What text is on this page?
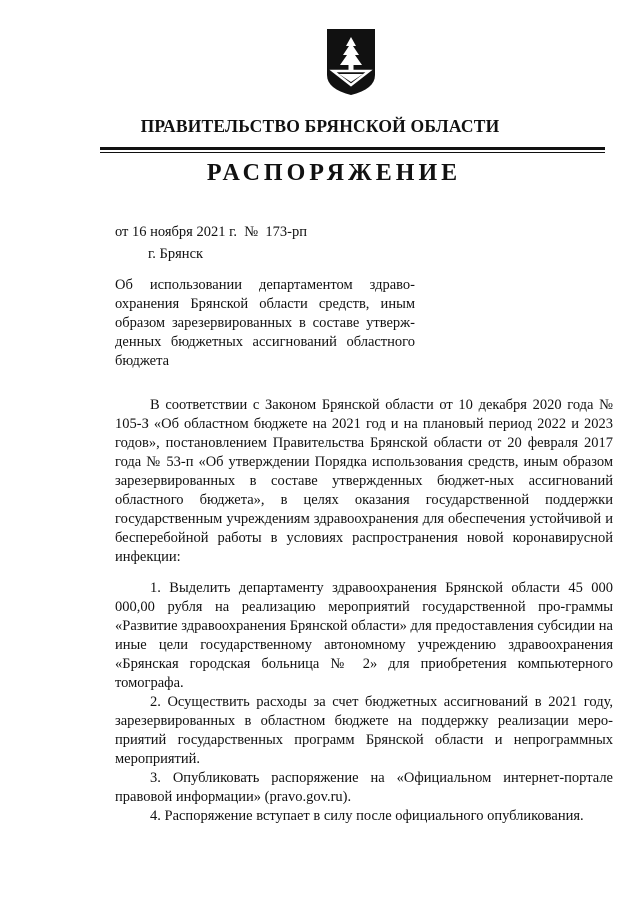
ПРАВИТЕЛЬСТВО БРЯНСКОЙ ОБЛАСТИ
РАСПОРЯЖЕНИЕ
от 16 ноября 2021 г.  №  173-рп
г. Брянск
Об использовании департаментом здраво-охранения Брянской области средств, иным образом зарезервированных в составе утверж-денных бюджетных ассигнований областного бюджета

В соответствии с Законом Брянской области от 10 декабря 2020 года № 105-З «Об областном бюджете на 2021 год и на плановый период 2022 и 2023 годов», постановлением Правительства Брянской области от 20 февраля 2017 года № 53-п «Об утверждении Порядка использования средств, иным образом зарезервированных в составе утвержденных бюджет-ных ассигнований областного бюджета», в целях оказания государственной поддержки государственным учреждениям здравоохранения для обеспечения устойчивой и бесперебойной работы в условиях распространения новой коронавирусной инфекции:

1. Выделить департаменту здравоохранения Брянской области 45 000 000,00 рубля на реализацию мероприятий государственной про-граммы «Развитие здравоохранения Брянской области» для предоставления субсидии на иные цели государственному автономному учреждению здравоохранения «Брянская городская больница № 2» для приобретения компьютерного томографа.

2. Осуществить расходы за счет бюджетных ассигнований в 2021 году, зарезервированных в областном бюджете на поддержку реализации меро-приятий государственных программ Брянской области и непрограммных мероприятий.

3. Опубликовать распоряжение на «Официальном интернет-портале правовой информации» (pravo.gov.ru).

4. Распоряжение вступает в силу после официального опубликования.
